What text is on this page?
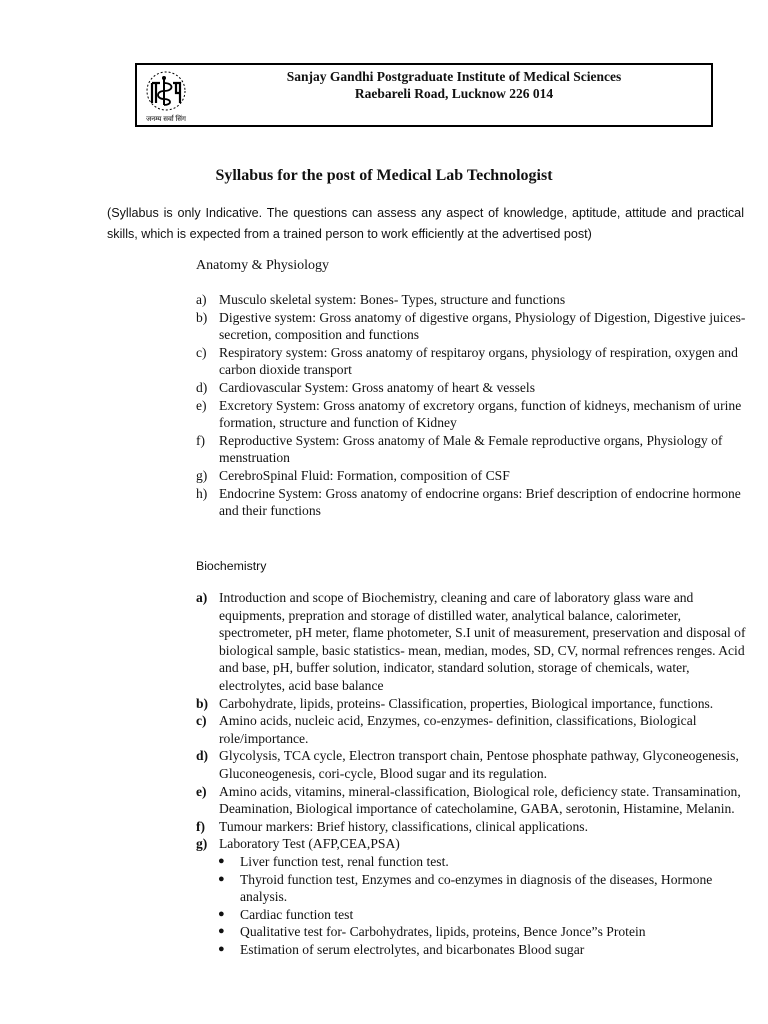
जनम्य सर्वा सिंग
Sanjay Gandhi Postgraduate Institute of Medical Sciences
Raebareli Road, Lucknow 226 014
Syllabus for the post of Medical Lab Technologist
(Syllabus is only Indicative. The questions can assess any aspect of knowledge, aptitude, attitude and practical skills, which is expected from a trained person to work efficiently at the advertised post)
Anatomy & Physiology
a) Musculo skeletal system: Bones- Types, structure and functions
b) Digestive system: Gross anatomy of digestive organs, Physiology of Digestion, Digestive juices- secretion, composition and functions
c) Respiratory system: Gross anatomy of respitaroy organs, physiology of respiration, oxygen and carbon dioxide transport
d) Cardiovascular System: Gross anatomy of heart & vessels
e) Excretory System: Gross anatomy of excretory organs, function of kidneys, mechanism of urine formation, structure and function of Kidney
f)	Reproductive System: Gross anatomy of Male & Female reproductive organs, Physiology of menstruation
g) CerebroSpinal Fluid: Formation, composition of CSF
h) Endocrine System: Gross anatomy of endocrine organs: Brief description of endocrine hormone and their functions
Biochemistry
a) Introduction and scope of Biochemistry, cleaning and care of laboratory glass ware and equipments, prepration and storage of distilled water, analytical balance, calorimeter, spectrometer, pH meter, flame photometer, S.I unit of measurement, preservation and disposal of biological sample, basic statistics- mean, median, modes, SD, CV, normal refrences renges. Acid and base, pH, buffer solution, indicator, standard solution, storage of chemicals, water, electrolytes, acid base balance
b) Carbohydrate, lipids, proteins- Classification, properties, Biological importance, functions.
c) Amino acids, nucleic acid, Enzymes, co-enzymes- definition, classifications, Biological role/importance.
d) Glycolysis, TCA cycle, Electron transport chain, Pentose phosphate pathway, Glyconeogenesis, Gluconeogenesis, cori-cycle, Blood sugar and its regulation.
e) Amino acids, vitamins, mineral-classification, Biological role, deficiency state. Transamination, Deamination, Biological importance of catecholamine, GABA, serotonin, Histamine, Melanin.
f)	Tumour markers: Brief history, classifications, clinical applications.
g) Laboratory Test (AFP,CEA,PSA)
●	Liver function test, renal function test.
●	Thyroid function test, Enzymes and co-enzymes in diagnosis of the diseases, Hormone analysis.
●	Cardiac function test
●	Qualitative test for- Carbohydrates, lipids, proteins, Bence Jonce”s Protein
●	Estimation of serum electrolytes, and bicarbonates Blood sugar
